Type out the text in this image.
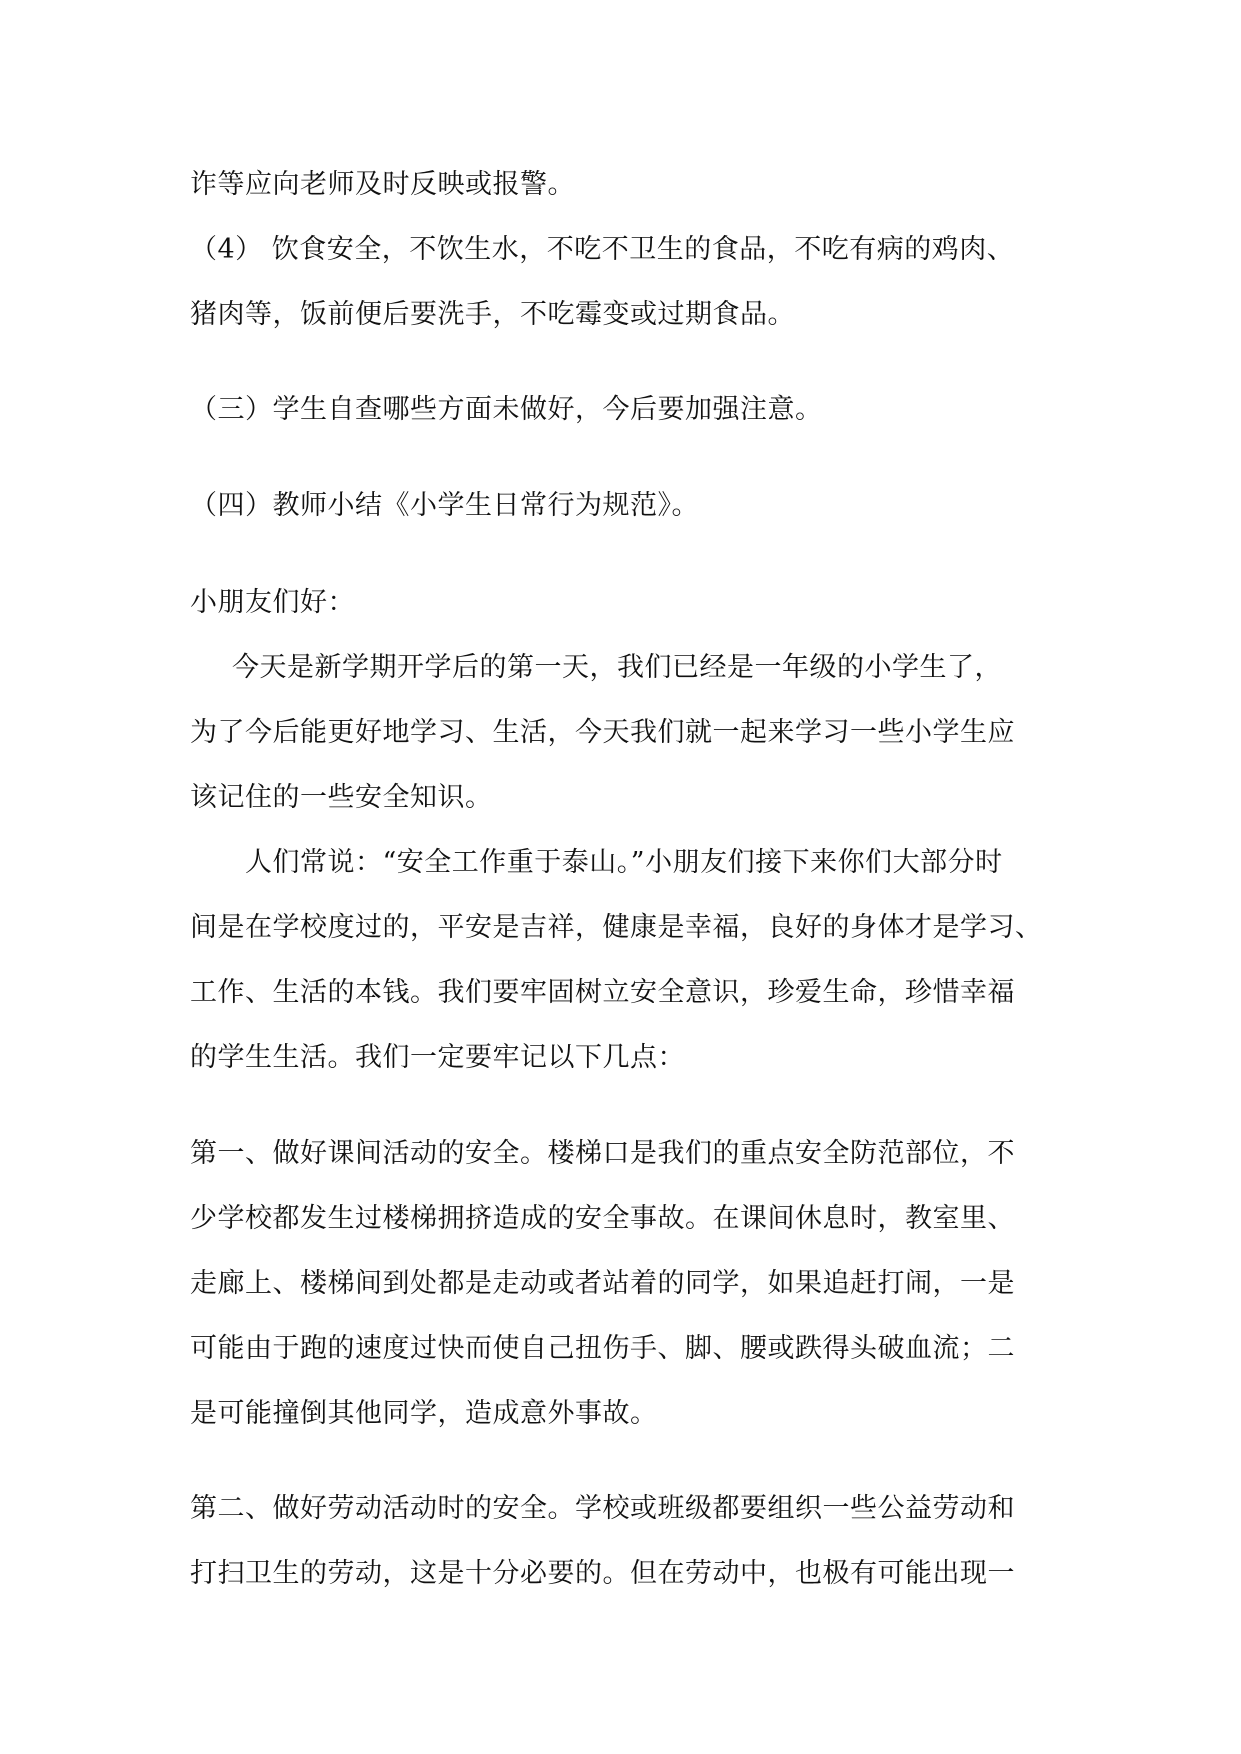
诈等应向老师及时反映或报警。
（4） 饮食安全，不饮生水，不吃不卫生的食品，不吃有病的鸡肉、
猪肉等，饭前便后要洗手，不吃霉变或过期食品。
（三）学生自查哪些方面未做好，今后要加强注意。
（四）教师小结《小学生日常行为规范》。
小朋友们好：
今天是新学期开学后的第一天，我们已经是一年级的小学生了，
为了今后能更好地学习、生活，今天我们就一起来学习一些小学生应
该记住的一些安全知识。
人们常说：“安全工作重于泰山。”小朋友们接下来你们大部分时
间是在学校度过的，平安是吉祥，健康是幸福，良好的身体才是学习、
工作、生活的本钱。我们要牢固树立安全意识，珍爱生命，珍惜幸福
的学生生活。我们一定要牢记以下几点：
第一、做好课间活动的安全。楼梯口是我们的重点安全防范部位，不
少学校都发生过楼梯拥挤造成的安全事故。在课间休息时，教室里、
走廊上、楼梯间到处都是走动或者站着的同学，如果追赶打闹，一是
可能由于跑的速度过快而使自己扭伤手、脚、腰或跌得头破血流；二
是可能撞倒其他同学，造成意外事故。
第二、做好劳动活动时的安全。学校或班级都要组织一些公益劳动和
打扫卫生的劳动，这是十分必要的。但在劳动中，也极有可能出现一
